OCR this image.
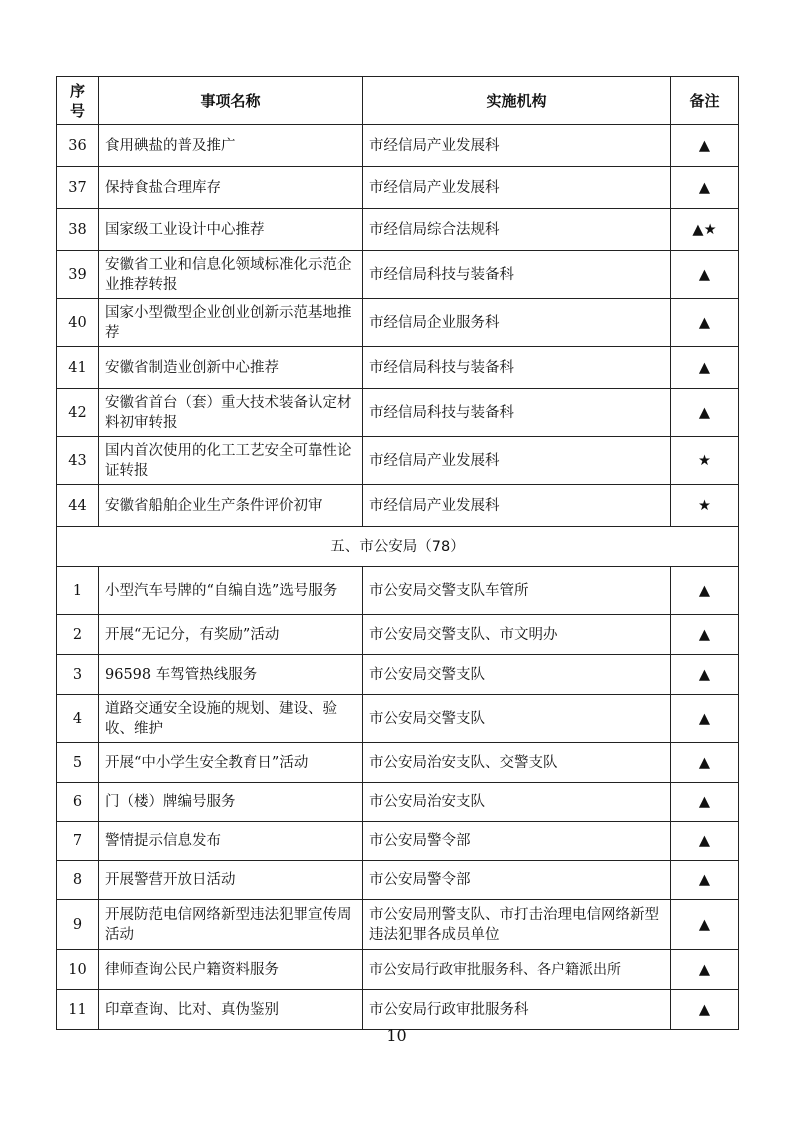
序号	事项名称	实施机构	备注
36	食用碘盐的普及推广	市经信局产业发展科	▲
37	保持食盐合理库存	市经信局产业发展科	▲
38	国家级工业设计中心推荐	市经信局综合法规科	▲★
39	安徽省工业和信息化领域标准化示范企业推荐转报	市经信局科技与装备科	▲
40	国家小型微型企业创业创新示范基地推荐	市经信局企业服务科	▲
41	安徽省制造业创新中心推荐	市经信局科技与装备科	▲
42	安徽省首台（套）重大技术装备认定材料初审转报	市经信局科技与装备科	▲
43	国内首次使用的化工工艺安全可靠性论证转报	市经信局产业发展科	★
44	安徽省船舶企业生产条件评价初审	市经信局产业发展科	★
五、市公安局（78）			
1	小型汽车号牌的“自编自选”选号服务	市公安局交警支队车管所	▲
2	开展“无记分，有奖励”活动	市公安局交警支队、市文明办	▲
3	96598 车驾管热线服务	市公安局交警支队	▲
4	道路交通安全设施的规划、建设、验收、维护	市公安局交警支队	▲
5	开展“中小学生安全教育日”活动	市公安局治安支队、交警支队	▲
6	门（楼）牌编号服务	市公安局治安支队	▲
7	警情提示信息发布	市公安局警令部	▲
8	开展警营开放日活动	市公安局警令部	▲
9	开展防范电信网络新型违法犯罪宣传周活动	市公安局刑警支队、市打击治理电信网络新型违法犯罪各成员单位	▲
10	律师查询公民户籍资料服务	市公安局行政审批服务科、各户籍派出所	▲
11	印章查询、比对、真伪鉴别	市公安局行政审批服务科	▲
10
